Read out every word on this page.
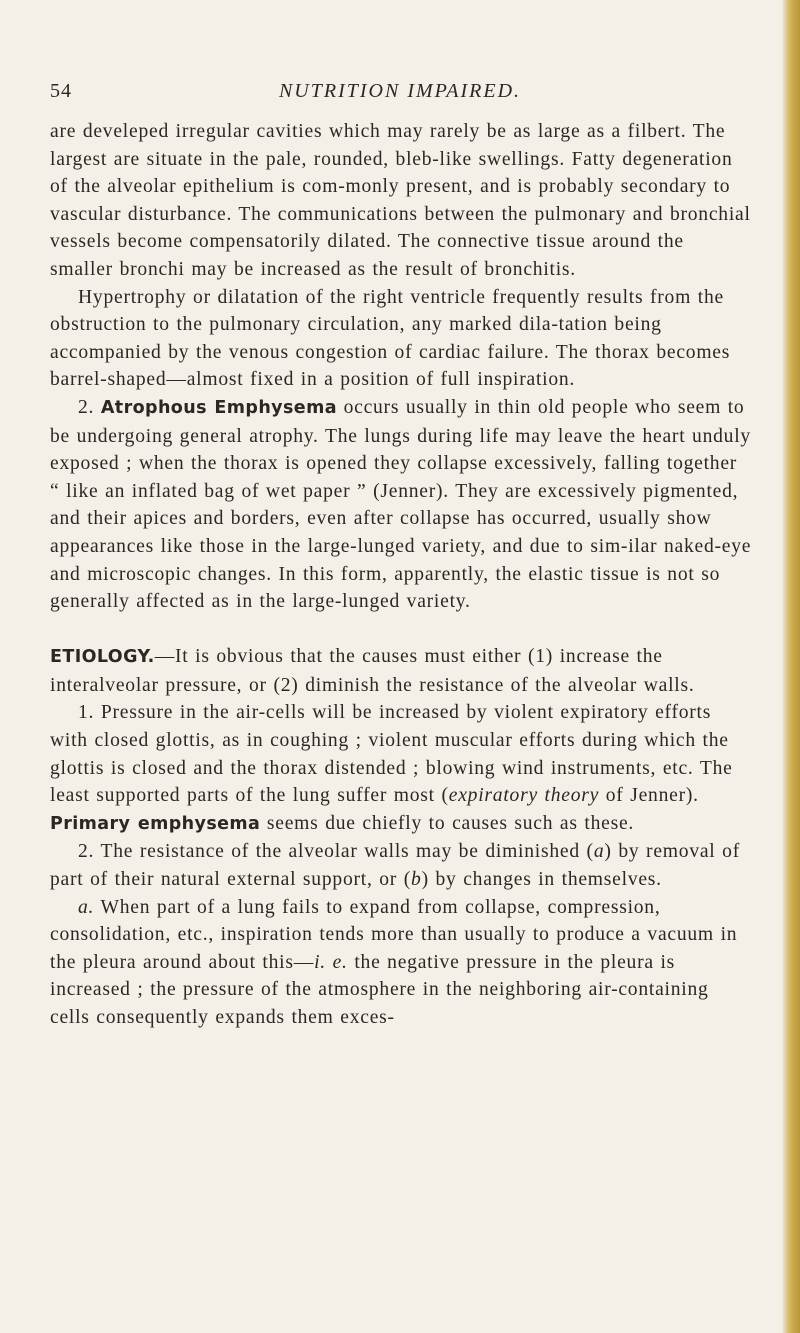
54	NUTRITION IMPAIRED.

are develeped irregular cavities which may rarely be as large as a filbert. The largest are situate in the pale, rounded, bleb-like swellings. Fatty degeneration of the alveolar epithelium is com-monly present, and is probably secondary to vascular disturbance. The communications between the pulmonary and bronchial vessels become compensatorily dilated. The connective tissue around the smaller bronchi may be increased as the result of bronchitis.

Hypertrophy or dilatation of the right ventricle frequently results from the obstruction to the pulmonary circulation, any marked dila-tation being accompanied by the venous congestion of cardiac failure. The thorax becomes barrel-shaped—almost fixed in a position of full inspiration.

2. Atrophous Emphysema occurs usually in thin old people who seem to be undergoing general atrophy. The lungs during life may leave the heart unduly exposed ; when the thorax is opened they collapse excessively, falling together “ like an inflated bag of wet paper ” (Jenner). They are excessively pigmented, and their apices and borders, even after collapse has occurred, usually show appearances like those in the large-lunged variety, and due to sim-ilar naked-eye and microscopic changes. In this form, apparently, the elastic tissue is not so generally affected as in the large-lunged variety.

ETIOLOGY.—It is obvious that the causes must either (1) increase the interalveolar pressure, or (2) diminish the resistance of the alveolar walls.

1. Pressure in the air-cells will be increased by violent expiratory efforts with closed glottis, as in coughing ; violent muscular efforts during which the glottis is closed and the thorax distended ; blowing wind instruments, etc. The least supported parts of the lung suffer most (expiratory theory of Jenner). Primary emphysema seems due chiefly to causes such as these.

2. The resistance of the alveolar walls may be diminished (a) by removal of part of their natural external support, or (b) by changes in themselves.

a. When part of a lung fails to expand from collapse, compression, consolidation, etc., inspiration tends more than usually to produce a vacuum in the pleura around about this—i. e. the negative pressure in the pleura is increased ; the pressure of the atmosphere in the neighboring air-containing cells consequently expands them exces-
